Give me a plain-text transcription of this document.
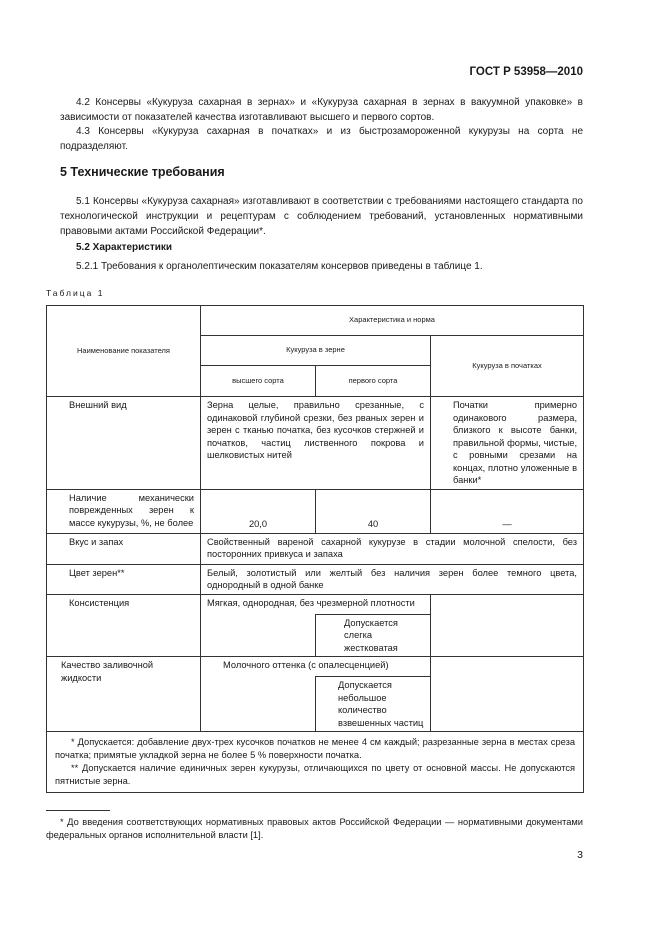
ГОСТ Р 53958—2010
4.2 Консервы «Кукуруза сахарная в зернах» и «Кукуруза сахарная в зернах в вакуумной упаковке» в зависимости от показателей качества изготавливают высшего и первого сортов.
4.3 Консервы «Кукуруза сахарная в початках» и из быстрозамороженной кукурузы на сорта не подразделяют.
5 Технические требования
5.1 Консервы «Кукуруза сахарная» изготавливают в соответствии с требованиями настоящего стандарта по технологической инструкции и рецептурам с соблюдением требований, установленных нормативными правовыми актами Российской Федерации*.
5.2 Характеристики
5.2.1 Требования к органолептическим показателям консервов приведены в таблице 1.
Таблица 1
Наименование показателя	Характеристика и норма		
	Кукуруза в зерне		Кукуруза в початках
	высшего сорта	первого сорта	
Внешний вид	Зерна целые, правильно срезанные, с одинаковой глубиной срезки, без рваных зерен и зерен с тканью початка, без кусочков стержней и початков, частиц лиственного покрова и шелковистых нитей		Початки примерно одинакового размера, близкого к высоте банки, правильной формы, чистые, с ровными срезами на концах, плотно уложенные в банки*
Наличие механически поврежденных зерен к массе кукурузы, %, не более	20,0	40	—
Вкус и запах	Свойственный вареной сахарной кукурузе в стадии молочной спелости, без посторонних привкуса и запаха		
Цвет зерен**	Белый, золотистый или желтый без наличия зерен более темного цвета, однородный в одной банке		
Консистенция	Мягкая, однородная, без чрезмерной плотности		
		Допускается слегка жестковатая	
Качество заливочной жидкости	Молочного оттенка (с опалесценцией)		
		Допускается небольшое количество взвешенных частиц	

* Допускается: добавление двух-трех кусочков початков не менее 4 см каждый; разрезанные зерна в местах среза початка; примятые укладкой зерна не более 5 % поверхности початка.

** Допускается наличие единичных зерен кукурузы, отличающихся по цвету от основной массы. Не допускаются пятнистые зерна.			

* До введения соответствующих нормативных правовых актов Российской Федерации — нормативными документами федеральных органов исполнительной власти [1].
3
